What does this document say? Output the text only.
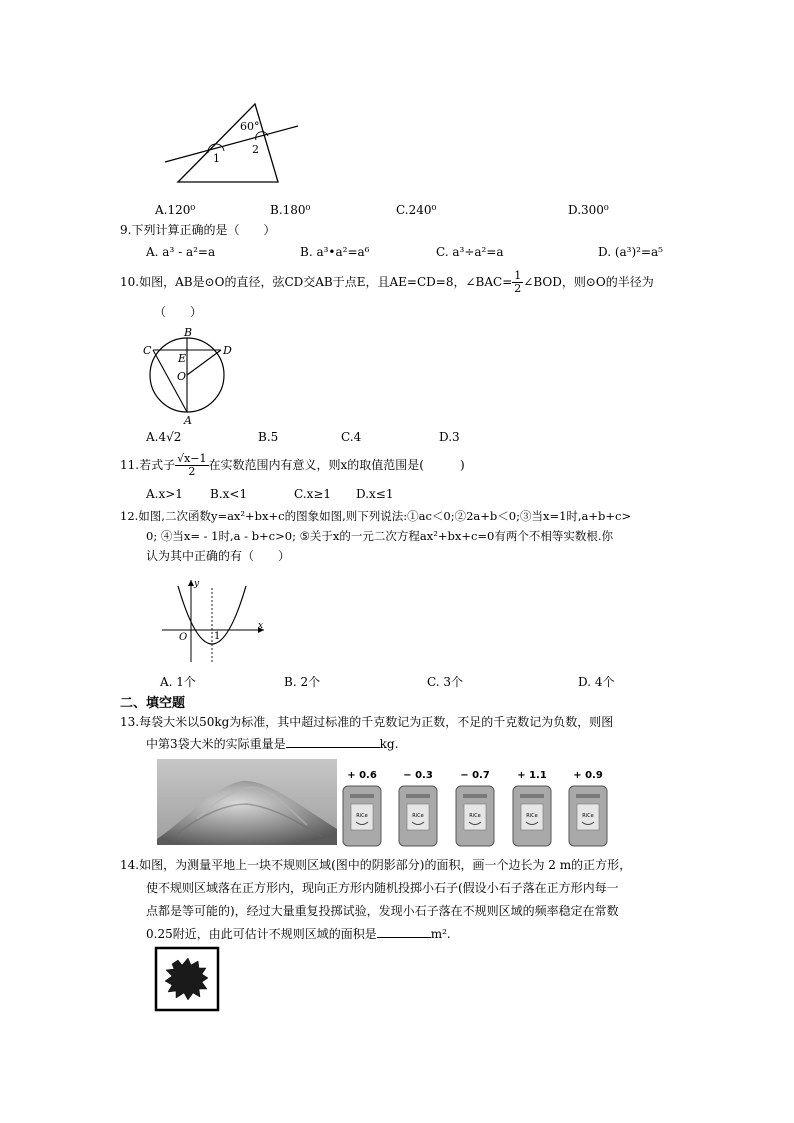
60°
1
2
A.120⁰	B.180⁰	C.240⁰	D.300⁰
9.下列计算正确的是（　　）
A. a³ - a²=a	B. a³•a²=a⁶	C. a³÷a²=a	D. (a³)²=a⁵
10.如图，AB是⊙O的直径，弦CD交AB于点E，且AE=CD=8，∠BAC= $\frac{1}{2}$ ∠BOD，则⊙O的半径为
（　　）
B
C	D
E
O
A
A.4√2	B.5	C.4	D.3
11.若式子 $\frac{√x-1}{2}$ 在实数范围内有意义，则x的取值范围是(　　　)
A.x>1 B.x<1	C.x≥1 D.x≤1
12.如图,二次函数y=ax²+bx+c的图象如图,则下列说法:①ac＜0;②2a+b＜0;③当x=1时,a+b+c>
0; ④当x= - 1时,a - b+c>0; ⑤关于x的一元二次方程ax²+bx+c=0有两个不相等实数根.你
认为其中正确的有（　　）
y
x
O	1
A. 1个	B. 2个	C. 3个	D. 4个
二、填空题
13.每袋大米以50kg为标准，其中超过标准的千克数记为正数，不足的千克数记为负数，则图
中第3袋大米的实际重量是	kg.
+ 0.6
RiCe
− 0.3
RiCe
− 0.7
RiCe
+ 1.1
RiCe
+ 0.9
RiCe
14.如图，为测量平地上一块不规则区域(图中的阴影部分)的面积，画一个边长为 2 m的正方形，
使不规则区域落在正方形内，现向正方形内随机投掷小石子(假设小石子落在正方形内每一
点都是等可能的)，经过大量重复投掷试验，发现小石子落在不规则区域的频率稳定在常数
0.25附近，由此可估计不规则区域的面积是	m².
